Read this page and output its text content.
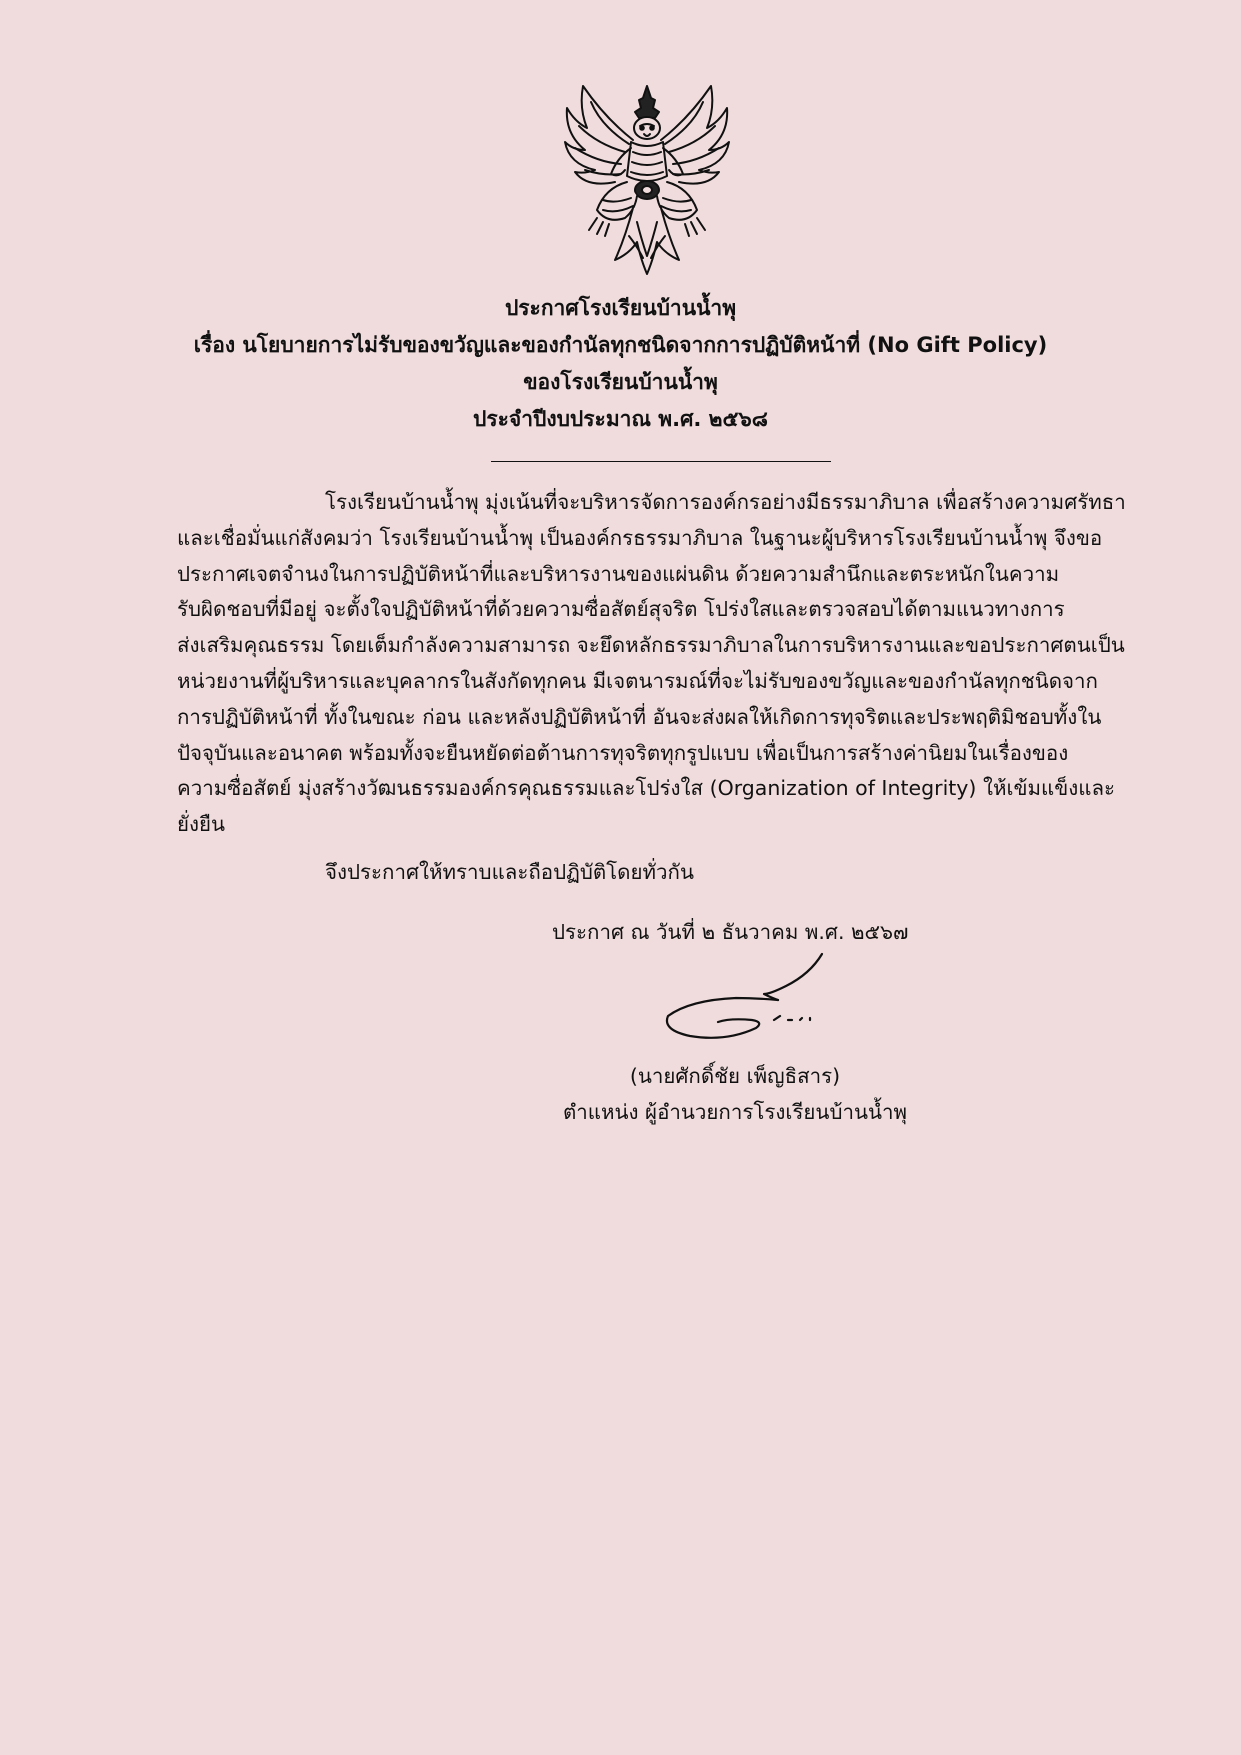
ประกาศโรงเรียนบ้านน้ำพุ
เรื่อง นโยบายการไม่รับของขวัญและของกำนัลทุกชนิดจากการปฏิบัติหน้าที่ (No Gift Policy)
ของโรงเรียนบ้านน้ำพุ
ประจำปีงบประมาณ พ.ศ. ๒๕๖๘
โรงเรียนบ้านน้ำพุ มุ่งเน้นที่จะบริหารจัดการองค์กรอย่างมีธรรมาภิบาล เพื่อสร้างความศรัทธา
และเชื่อมั่นแก่สังคมว่า โรงเรียนบ้านน้ำพุ เป็นองค์กรธรรมาภิบาล ในฐานะผู้บริหารโรงเรียนบ้านน้ำพุ จึงขอ
ประกาศเจตจำนงในการปฏิบัติหน้าที่และบริหารงานของแผ่นดิน ด้วยความสำนึกและตระหนักในความ
รับผิดชอบที่มีอยู่ จะตั้งใจปฏิบัติหน้าที่ด้วยความซื่อสัตย์สุจริต โปร่งใสและตรวจสอบได้ตามแนวทางการ
ส่งเสริมคุณธรรม โดยเต็มกำลังความสามารถ จะยึดหลักธรรมาภิบาลในการบริหารงานและขอประกาศตนเป็น
หน่วยงานที่ผู้บริหารและบุคลากรในสังกัดทุกคน มีเจตนารมณ์ที่จะไม่รับของขวัญและของกำนัลทุกชนิดจาก
การปฏิบัติหน้าที่ ทั้งในขณะ ก่อน และหลังปฏิบัติหน้าที่ อันจะส่งผลให้เกิดการทุจริตและประพฤติมิชอบทั้งใน
ปัจจุบันและอนาคต พร้อมทั้งจะยืนหยัดต่อต้านการทุจริตทุกรูปแบบ เพื่อเป็นการสร้างค่านิยมในเรื่องของ
ความซื่อสัตย์ มุ่งสร้างวัฒนธรรมองค์กรคุณธรรมและโปร่งใส (Organization of Integrity) ให้เข้มแข็งและ
ยั่งยืน
จึงประกาศให้ทราบและถือปฏิบัติโดยทั่วกัน
ประกาศ ณ วันที่ ๒ ธันวาคม พ.ศ. ๒๕๖๗
(นายศักดิ์ชัย เพ็ญธิสาร)
ตำแหน่ง ผู้อำนวยการโรงเรียนบ้านน้ำพุ
